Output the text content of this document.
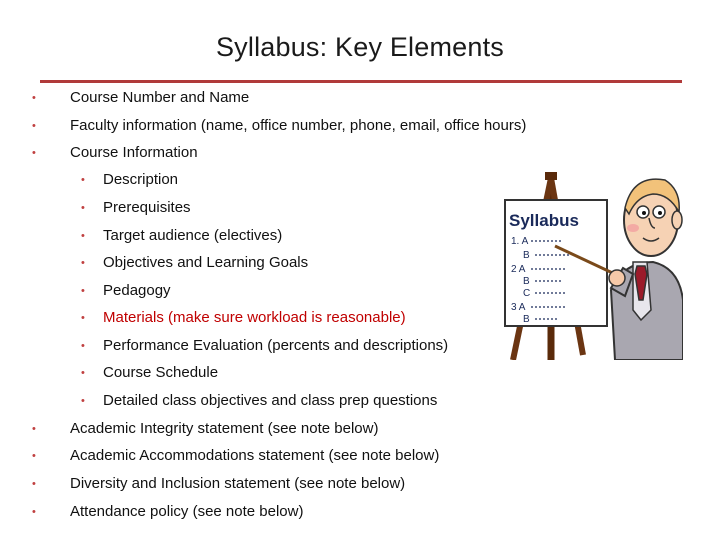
Syllabus: Key Elements
• Course Number and Name
• Faculty information (name, office number, phone, email, office hours)
• Course Information
• Description
• Prerequisites
• Target audience (electives)
• Objectives and Learning Goals
• Pedagogy
• Materials (make sure workload is reasonable)
• Performance Evaluation (percents and descriptions)
• Course Schedule
• Detailed class objectives and class prep questions
• Academic Integrity statement (see note below)
• Academic Accommodations statement (see note below)
• Diversity and Inclusion statement (see note below)
• Attendance policy (see note below)
Syllabus
1. A
B
2 A
B
C
3 A
B
